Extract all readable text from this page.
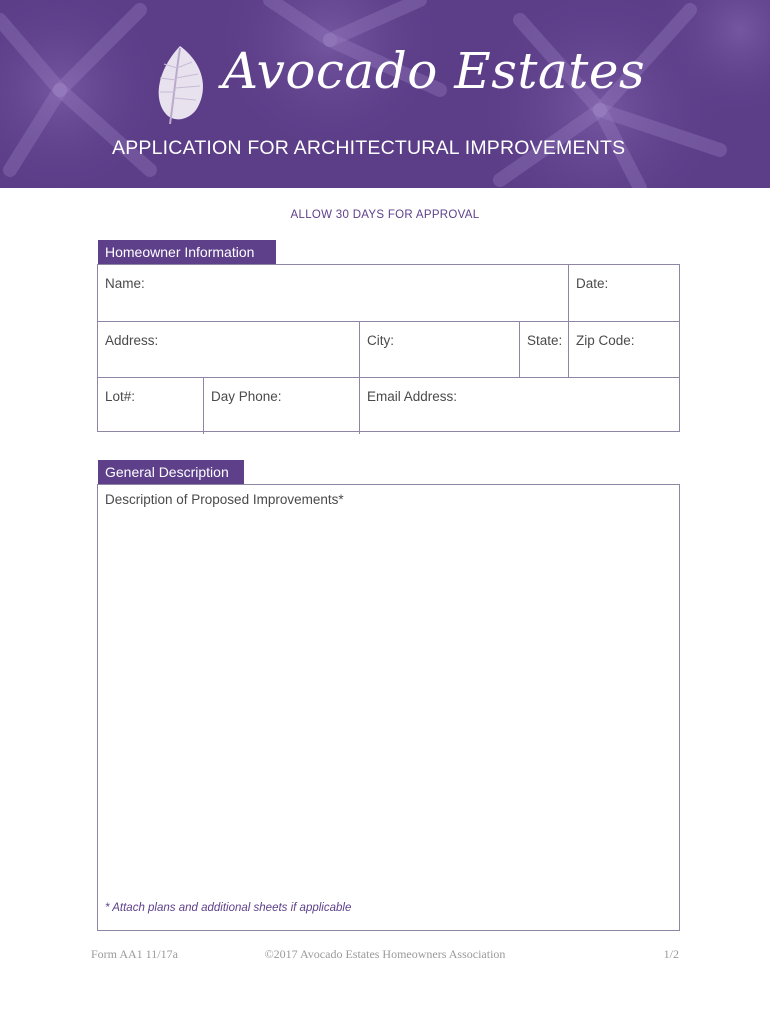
Avocado Estates
APPLICATION FOR ARCHITECTURAL IMPROVEMENTS
ALLOW 30 DAYS FOR APPROVAL
Homeowner Information
Name:	Date:
Address:	City:	State:	Zip Code:
Lot#:	Day Phone:	Email Address:
General Description
Description of Proposed Improvements*
* Attach plans and additional sheets if applicable
Form AA1 11/17a	©2017 Avocado Estates Homeowners Association	1/2
